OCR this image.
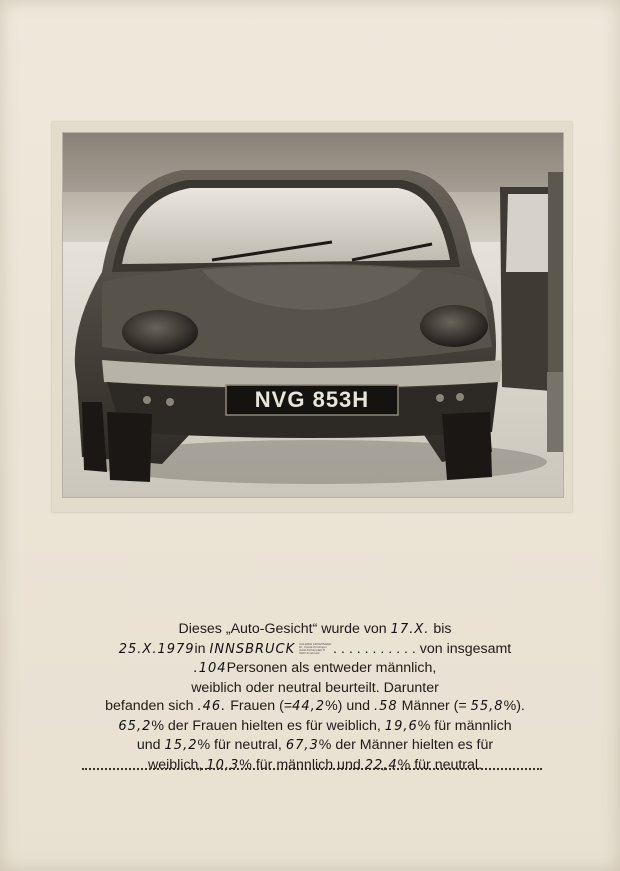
NVG 853H
Dieses „Auto-Gesicht“ wurde von 17.X. bis
25.X.1979in INNSBRUCK GALERIE KRINZINGER
Dr. Ursula Krinzinger
Adolf-Pichlerplatz 8
6020 Innsbruck . . . . . . . . . . . von insgesamt
.104Personen als entweder männlich,
weiblich oder neutral beurteilt. Darunter
befanden sich .46. Frauen (=44,2%) und .58 Männer (= 55,8%).
65,2% der Frauen hielten es für weiblich, 19,6% für männlich
und 15,2% für neutral, 67,3% der Männer hielten es für
weiblich, 10,3% für männlich und 22,4% für neutral.
